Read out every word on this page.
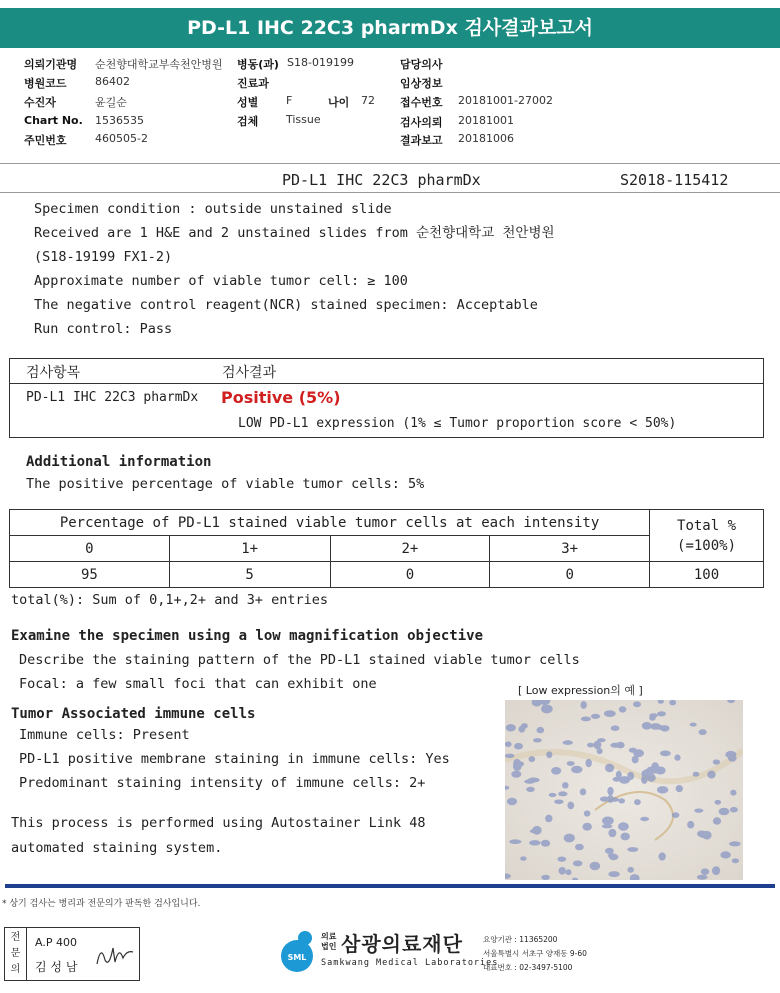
PD-L1 IHC 22C3 pharmDx 검사결과보고서
의뢰기관명 순천향대학교부속천안병원 병동(과) S18-019199	담당의사
병원코드	86402	진료과	임상정보
수진자	윤길순	성별	F	나이 72 접수번호 20181001-27002
Chart No. 1536535	검체	Tissue	검사의뢰 20181001
주민번호	460505-2	결과보고 20181006
PD-L1 IHC 22C3 pharmDx	S2018-115412
Specimen condition : outside unstained slide
Received are 1 H&E and 2 unstained slides from 순천향대학교 천안병원
(S18-19199 FX1-2)
Approximate number of viable tumor cell: ≥ 100
The negative control reagent(NCR) stained specimen: Acceptable
Run control: Pass
검사항목	검사결과
PD-L1 IHC 22C3 pharmDx Positive (5%)
LOW PD-L1 expression (1% ≤ Tumor proportion score < 50%)
Additional information
The positive percentage of viable tumor cells: 5%
Percentage of PD-L1 stained viable tumor cells at each intensity				Total %
(=100%)
0	1+	2+	3+	
95	5	0	0	100
total(%): Sum of 0,1+,2+ and 3+ entries
Examine the specimen using a low magnification objective
Describe the staining pattern of the PD-L1 stained viable tumor cells
Focal: a few small foci that can exhibit one	[ Low expression의 예 ]
Tumor Associated immune cells
Immune cells: Present
PD-L1 positive membrane staining in immune cells: Yes
Predominant staining intensity of immune cells: 2+
This process is performed using Autostainer Link 48
automated staining system.
* 상기 검사는 병리과 전문의가 판독한 검사입니다.
전
문
의
A.P 400
김 성 남
SML
의료
법인 삼광의료재단
Samkwang Medical Laboratories
요양기관 : 11365200
서울특별시 서초구 양재동 9-60
대표번호 : 02-3497-5100
